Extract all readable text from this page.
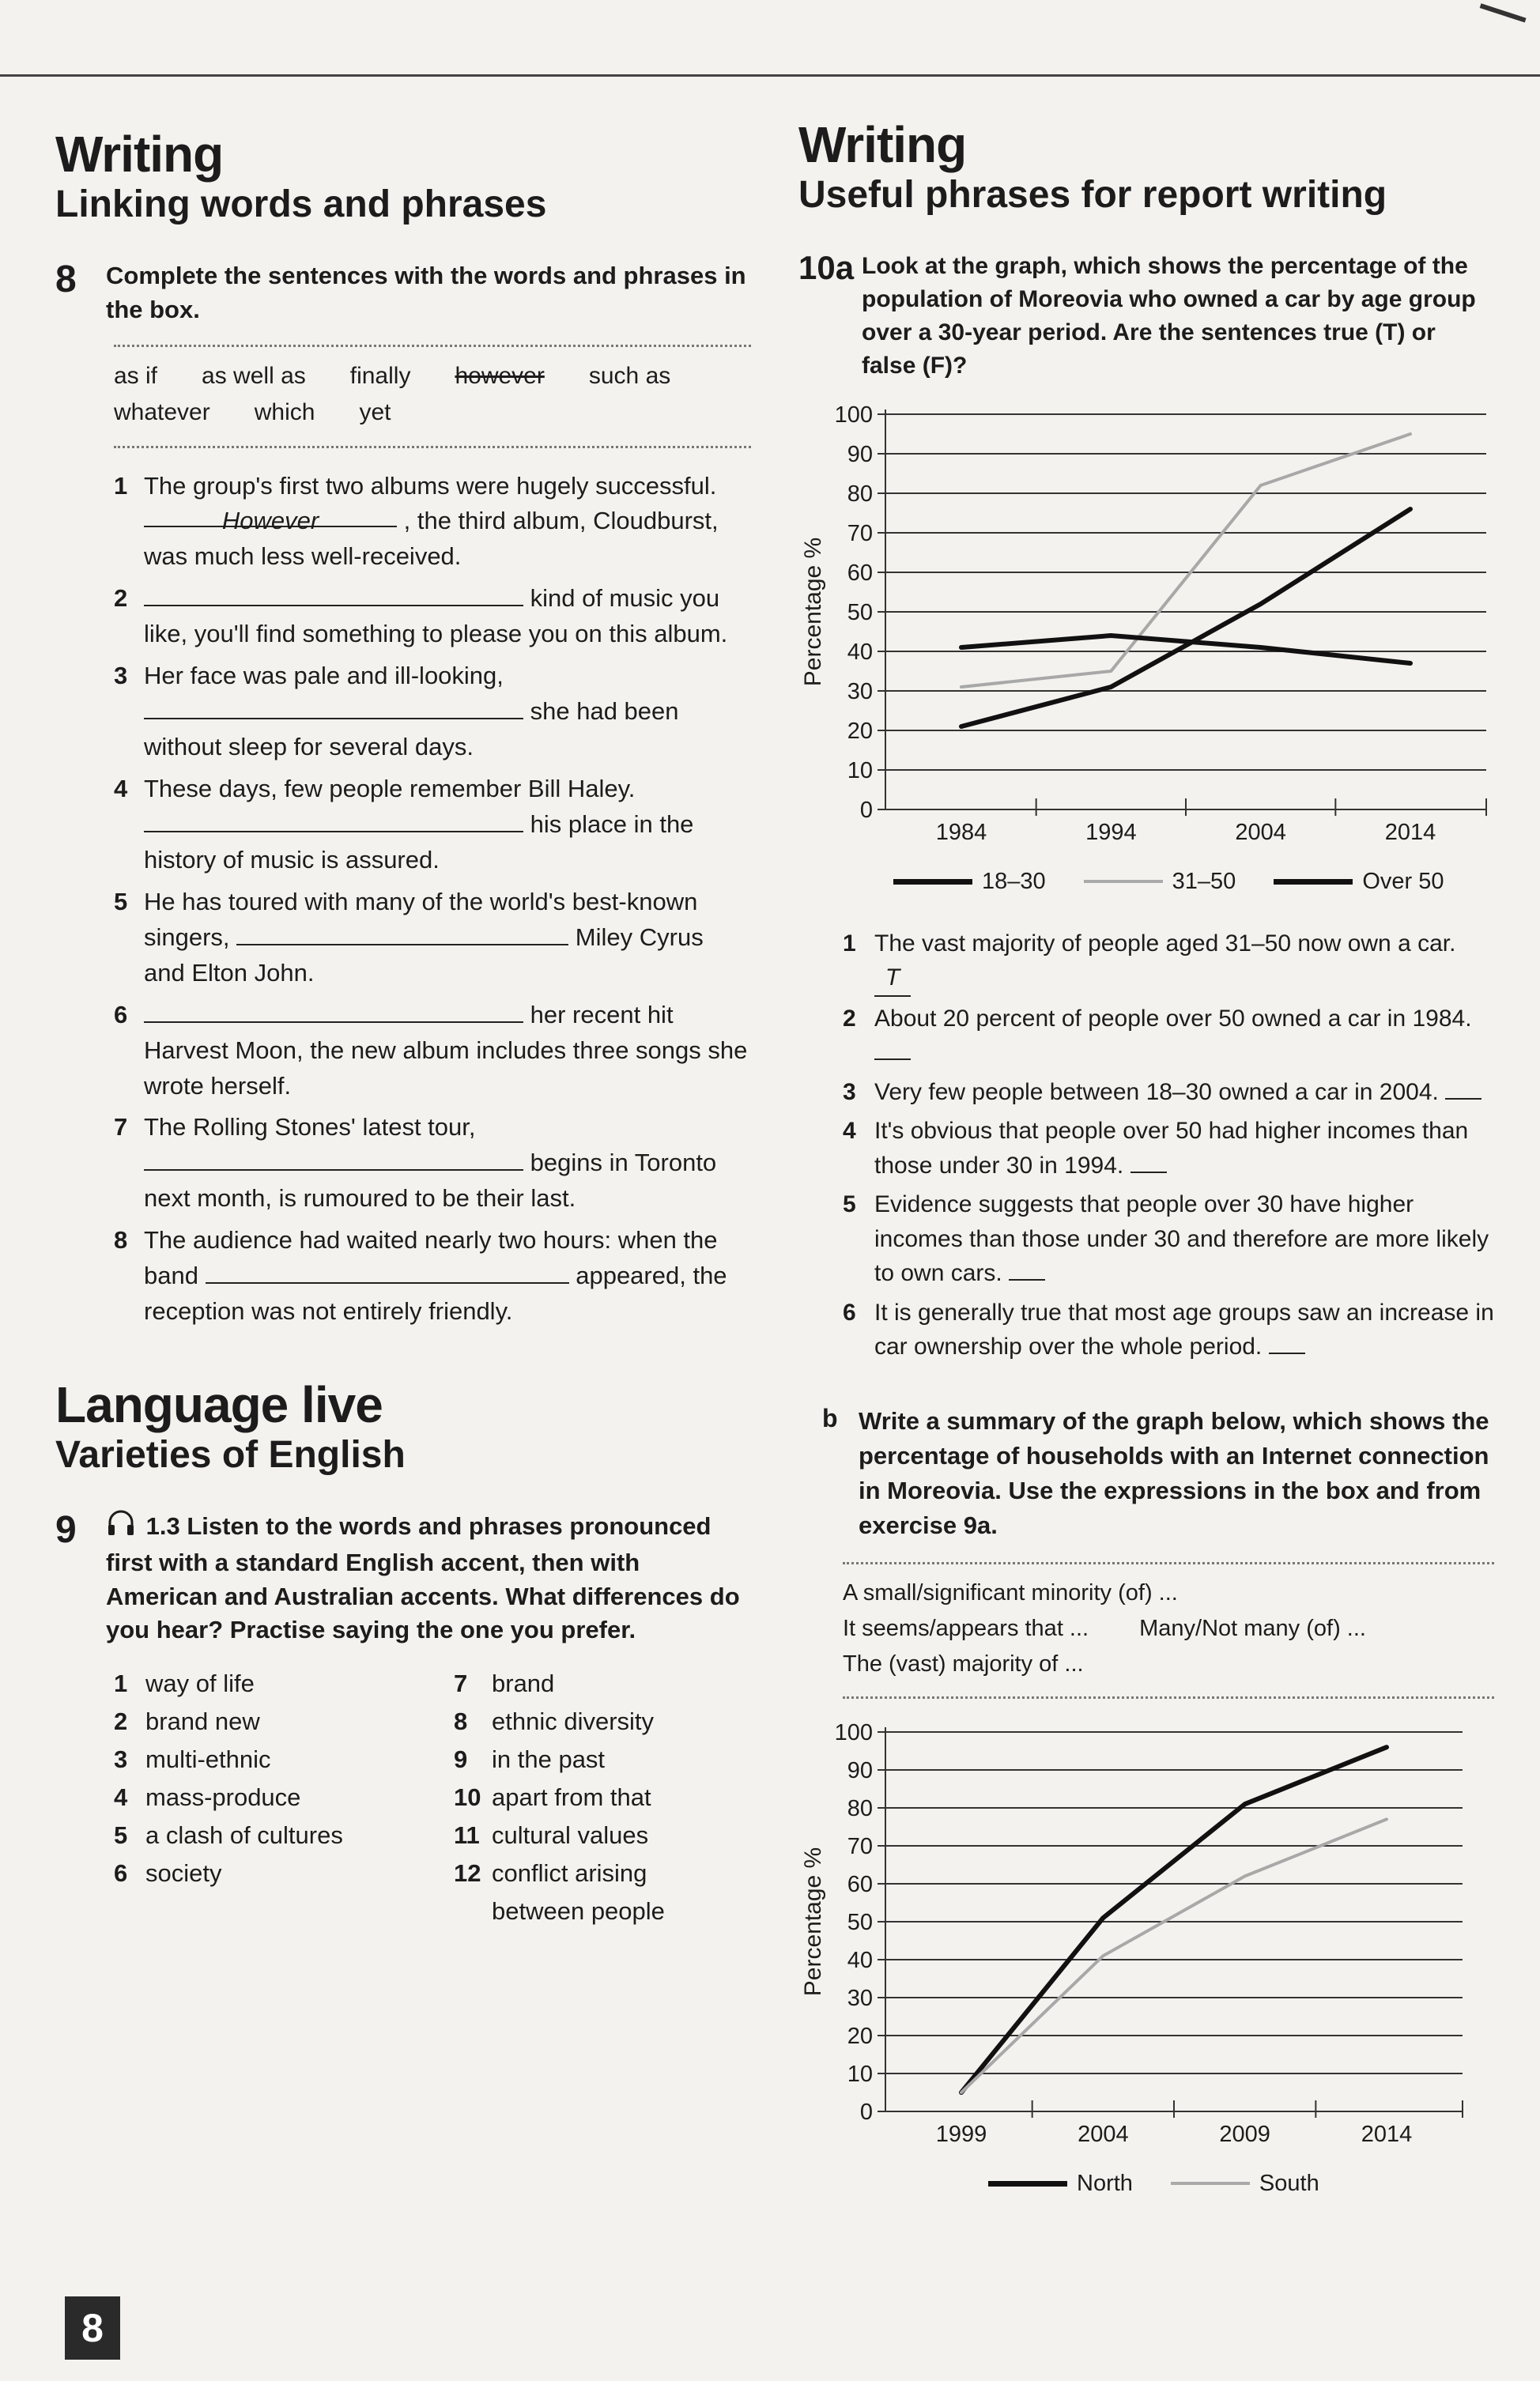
Writing
Linking words and phrases
8	Complete the sentences with the words and phrases in the box.
as if as well as finally however such as
whatever which yet
1 The group's first two albums were hugely successful. However	, the third album, Cloudburst, was much less well-received.
2	kind of music you like, you'll find something to please you on this album.
3 Her face was pale and ill-looking,  she had been without sleep for several days.
4 These days, few people remember Bill Haley.  his place in the history of music is assured.
5 He has toured with many of the world's best-known singers,	Miley Cyrus and Elton John.
6	her recent hit Harvest Moon, the new album includes three songs she wrote herself.
7 The Rolling Stones' latest tour,  begins in Toronto next month, is rumoured to be their last.
8 The audience had waited nearly two hours: when the band	appeared, the reception was not entirely friendly.
Language live
Varieties of English
9	1.3 Listen to the words and phrases pronounced first with a standard English accent, then with American and Australian accents. What differences do you hear? Practise saying the one you prefer.
1 way of life
2 brand new
3 multi-ethnic
4 mass-produce
5 a clash of cultures
6 society
7 brand
8 ethnic diversity
9 in the past
10 apart from that
11 cultural values
12 conflict arising between people
8
Writing
Useful phrases for report writing
10a Look at the graph, which shows the percentage of the population of Moreovia who owned a car by age group over a 30-year period. Are the sentences true (T) or false (F)?
Percentage %
0
10
20
30
40
50
60
70
80
90
100
1984	1994	2004	2014
18–30	31–50	Over 50
1 The vast majority of people aged 31–50 now own a car. T
2 About 20 percent of people over 50 owned a car in 1984.
3 Very few people between 18–30 owned a car in 2004.
4 It's obvious that people over 50 had higher incomes than those under 30 in 1994.
5 Evidence suggests that people over 30 have higher incomes than those under 30 and therefore are more likely to own cars.
6 It is generally true that most age groups saw an increase in car ownership over the whole period.
b Write a summary of the graph below, which shows the percentage of households with an Internet connection in Moreovia. Use the expressions in the box and from exercise 9a.
A small/significant minority (of) ...
It seems/appears that ... Many/Not many (of) ...
The (vast) majority of ...
Percentage %
0
10
20
30
40
50
60
70
80
90
100
1999	2004	2009	2014
North	South
